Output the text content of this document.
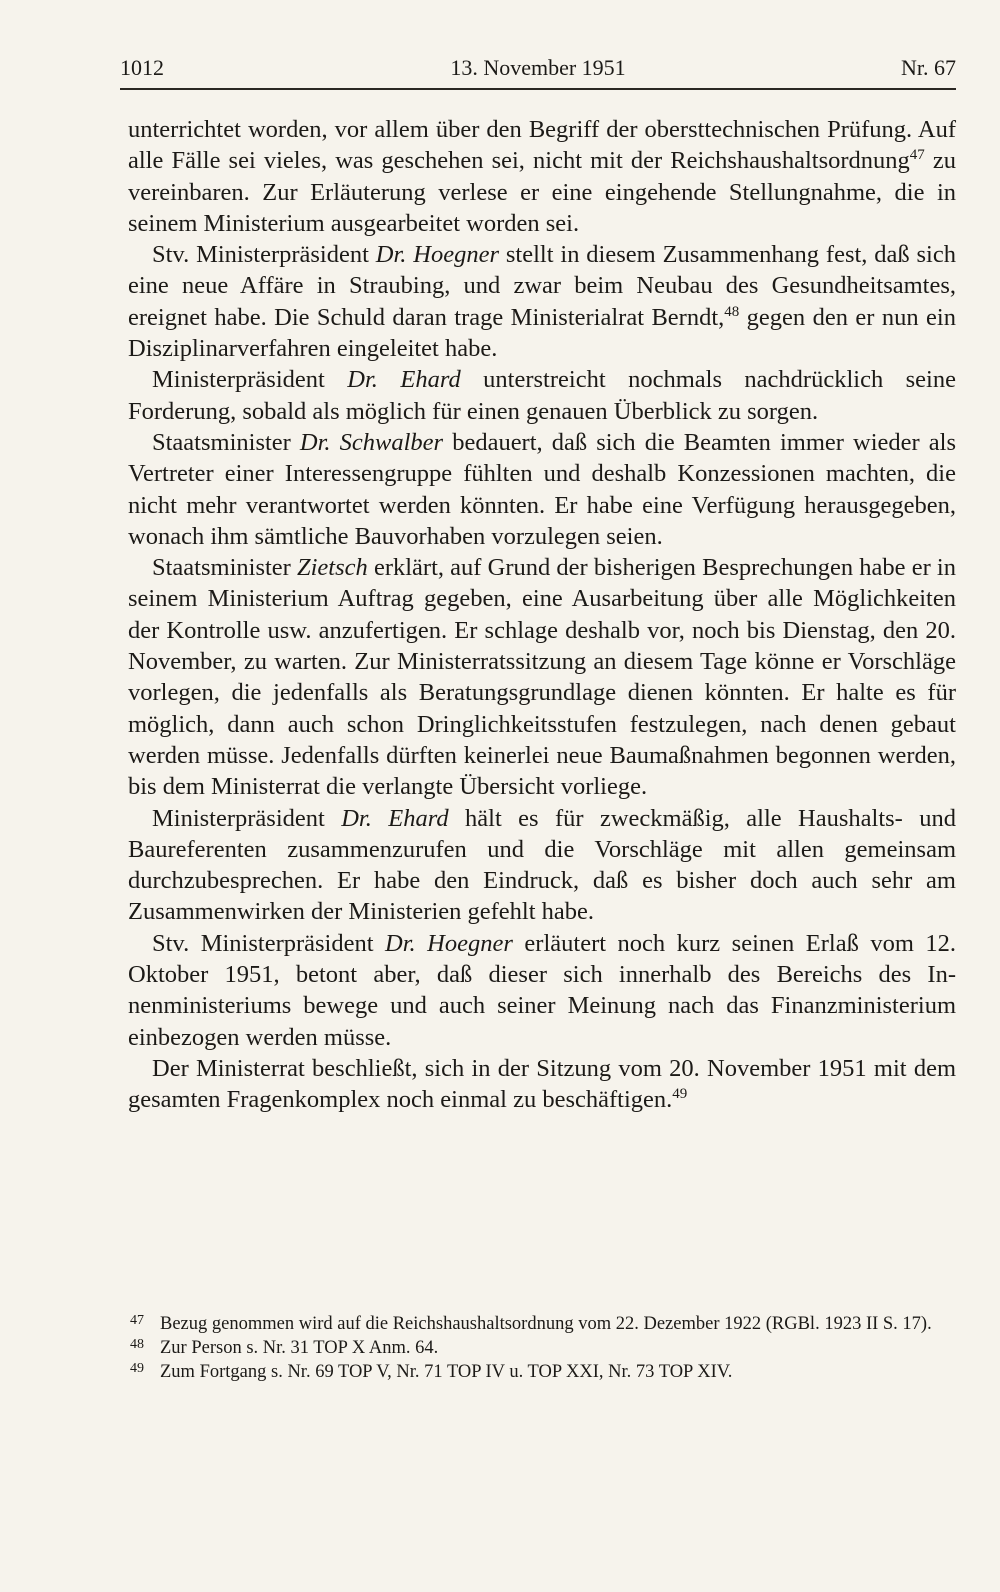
1012	13. November 1951	Nr. 67

unterrichtet worden, vor allem über den Begriff der obersttechnischen Prüfung. Auf alle Fälle sei vieles, was geschehen sei, nicht mit der Reichshaushaltsordnung$^{47}$ zu vereinbaren. Zur Erläuterung verlese er eine eingehende Stellungnahme, die in seinem Ministerium ausgearbeitet worden sei.

Stv. Ministerpräsident Dr. Hoegner stellt in diesem Zusammenhang fest, daß sich eine neue Affäre in Straubing, und zwar beim Neubau des Gesundheitsamtes, ereignet habe. Die Schuld daran trage Ministerialrat Berndt,$^{48}$ gegen den er nun ein Disziplinarverfahren eingeleitet habe.

Ministerpräsident Dr. Ehard unterstreicht nochmals nachdrücklich seine Forderung, sobald als möglich für einen genauen Überblick zu sorgen.

Staatsminister Dr. Schwalber bedauert, daß sich die Beamten immer wieder als Vertreter einer Interessengruppe fühlten und deshalb Konzessionen machten, die nicht mehr verantwortet werden könnten. Er habe eine Verfügung herausgegeben, wonach ihm sämtliche Bauvorhaben vorzulegen seien.

Staatsminister Zietsch erklärt, auf Grund der bisherigen Besprechungen habe er in seinem Ministerium Auftrag gegeben, eine Ausarbeitung über alle Möglichkeiten der Kontrolle usw. anzufertigen. Er schlage deshalb vor, noch bis Dienstag, den 20. November, zu warten. Zur Ministerratssitzung an diesem Tage könne er Vorschläge vorlegen, die jedenfalls als Beratungsgrundlage dienen könnten. Er halte es für möglich, dann auch schon Dringlichkeitsstufen festzulegen, nach denen gebaut werden müsse. Jedenfalls dürften keinerlei neue Baumaßnahmen begonnen werden, bis dem Ministerrat die verlangte Übersicht vorliege.

Ministerpräsident Dr. Ehard hält es für zweckmäßig, alle Haushalts- und Baureferenten zusammenzurufen und die Vorschläge mit allen gemeinsam durchzubesprechen. Er habe den Eindruck, daß es bisher doch auch sehr am Zusammenwirken der Ministerien gefehlt habe.

Stv. Ministerpräsident Dr. Hoegner erläutert noch kurz seinen Erlaß vom 12. Oktober 1951, betont aber, daß dieser sich innerhalb des Bereichs des Innenministeriums bewege und auch seiner Meinung nach das Finanzministerium einbezogen werden müsse.

Der Ministerrat beschließt, sich in der Sitzung vom 20. November 1951 mit dem gesamten Fragenkomplex noch einmal zu beschäftigen.$^{49}$

47 Bezug genommen wird auf die Reichshaushaltsordnung vom 22. Dezember 1922 (RGBl. 1923 II S. 17).
48 Zur Person s. Nr. 31 TOP X Anm. 64.
49 Zum Fortgang s. Nr. 69 TOP V, Nr. 71 TOP IV u. TOP XXI, Nr. 73 TOP XIV.
